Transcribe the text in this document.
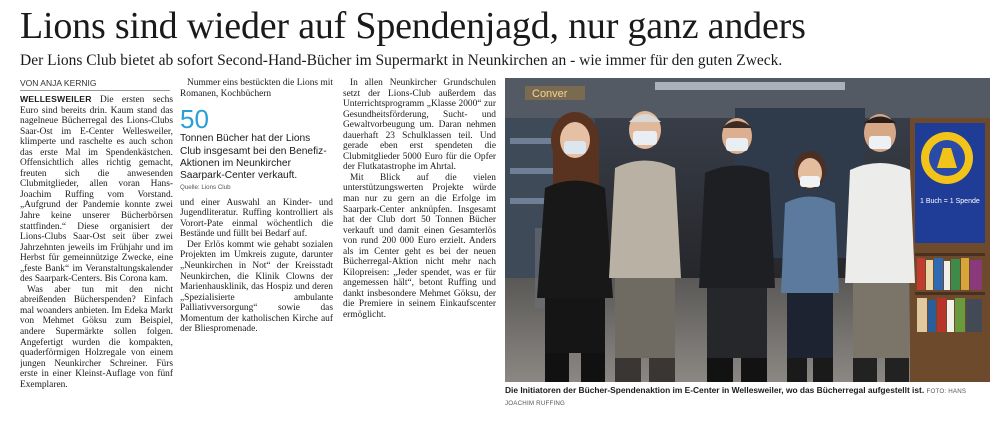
Lions sind wieder auf Spendenjagd, nur ganz anders
Der Lions Club bietet ab sofort Second-Hand-Bücher im Supermarkt in Neunkirchen an - wie immer für den guten Zweck.
VON ANJA KERNIG

WELLESWEILER Die ersten sechs Euro sind bereits drin. Kaum stand das nagelneue Bücherregal des Lions-Clubs Saar-Ost im E-Center Wellesweiler, klimperte und raschelte es auch schon das erste Mal im Spendenkästchen. Offensichtlich alles richtig gemacht, freuten sich die anwesenden Clubmitglieder, allen voran Hans-Joachim Ruffing vom Vorstand. „Aufgrund der Pandemie konnte zwei Jahre keine unserer Bücherbörsen stattfinden.“ Diese organisiert der Lions-Clubs Saar-Ost seit über zwei Jahrzehnten jeweils im Frühjahr und im Herbst für gemeinnützige Zwecke, eine „feste Bank“ im Veranstaltungskalender des Saarpark-Centers. Bis Corona kam.

Was aber tun mit den nicht abreißenden Bücherspenden? Einfach mal woanders anbieten. Im Edeka Markt von Mehmet Göksu zum Beispiel, andere Supermärkte sollen folgen. Angefertigt wurden die kompakten, quaderförmigen Holzregale von einem jungen Neunkircher Schreiner. Fürs erste in einer Kleinst-Auflage von fünf Exemplaren.

Nummer eins bestückten die Lions mit Romanen, Kochbüchern

50
Tonnen Bücher hat der Lions Club insgesamt bei den Benefiz-Aktionen im Neunkircher Saarpark-Center verkauft.
Quelle: Lions Club

und einer Auswahl an Kinder- und Jugendliteratur. Ruffing kontrolliert als Vorort-Pate einmal wöchentlich die Bestände und füllt bei Bedarf auf.

Der Erlös kommt wie gehabt sozialen Projekten im Umkreis zugute, darunter „Neunkirchen in Not“ der Kreisstadt Neunkirchen, die Klinik Clowns der Marienhausklinik, das Hospiz und deren „Spezialisierte ambulante Palliativversorgung“ sowie das Momentum der katholischen Kirche auf der Bliespromenade.

In allen Neunkircher Grundschulen setzt der Lions-Club außerdem das Unterrichtsprogramm „Klasse 2000“ zur Gesundheitsförderung, Sucht- und Gewaltvorbeugung um. Daran nehmen dauerhaft 23 Schulklassen teil. Und gerade eben erst spendeten die Clubmitglieder 5000 Euro für die Opfer der Flutkatastrophe im Ahrtal.

Mit Blick auf die vielen unterstützungswerten Projekte würde man nur zu gern an die Erfolge im Saarpark-Center anknüpfen. Insgesamt hat der Club dort 50 Tonnen Bücher verkauft und damit einen Gesamterlös von rund 200 000 Euro erzielt. Anders als im Center geht es bei der neuen Bücherregal-Aktion nicht mehr nach Kilopreisen: „Jeder spendet, was er für angemessen hält“, betont Ruffing und dankt insbesondere Mehmet Göksu, der die Premiere in seinem Einkaufscenter ermöglicht.

Conver
1 Buch = 1 Spende
Die Initiatoren der Bücher-Spendenaktion im E-Center in Wellesweiler, wo das Bücherregal aufgestellt ist. FOTO: HANS JOACHIM RUFFING
